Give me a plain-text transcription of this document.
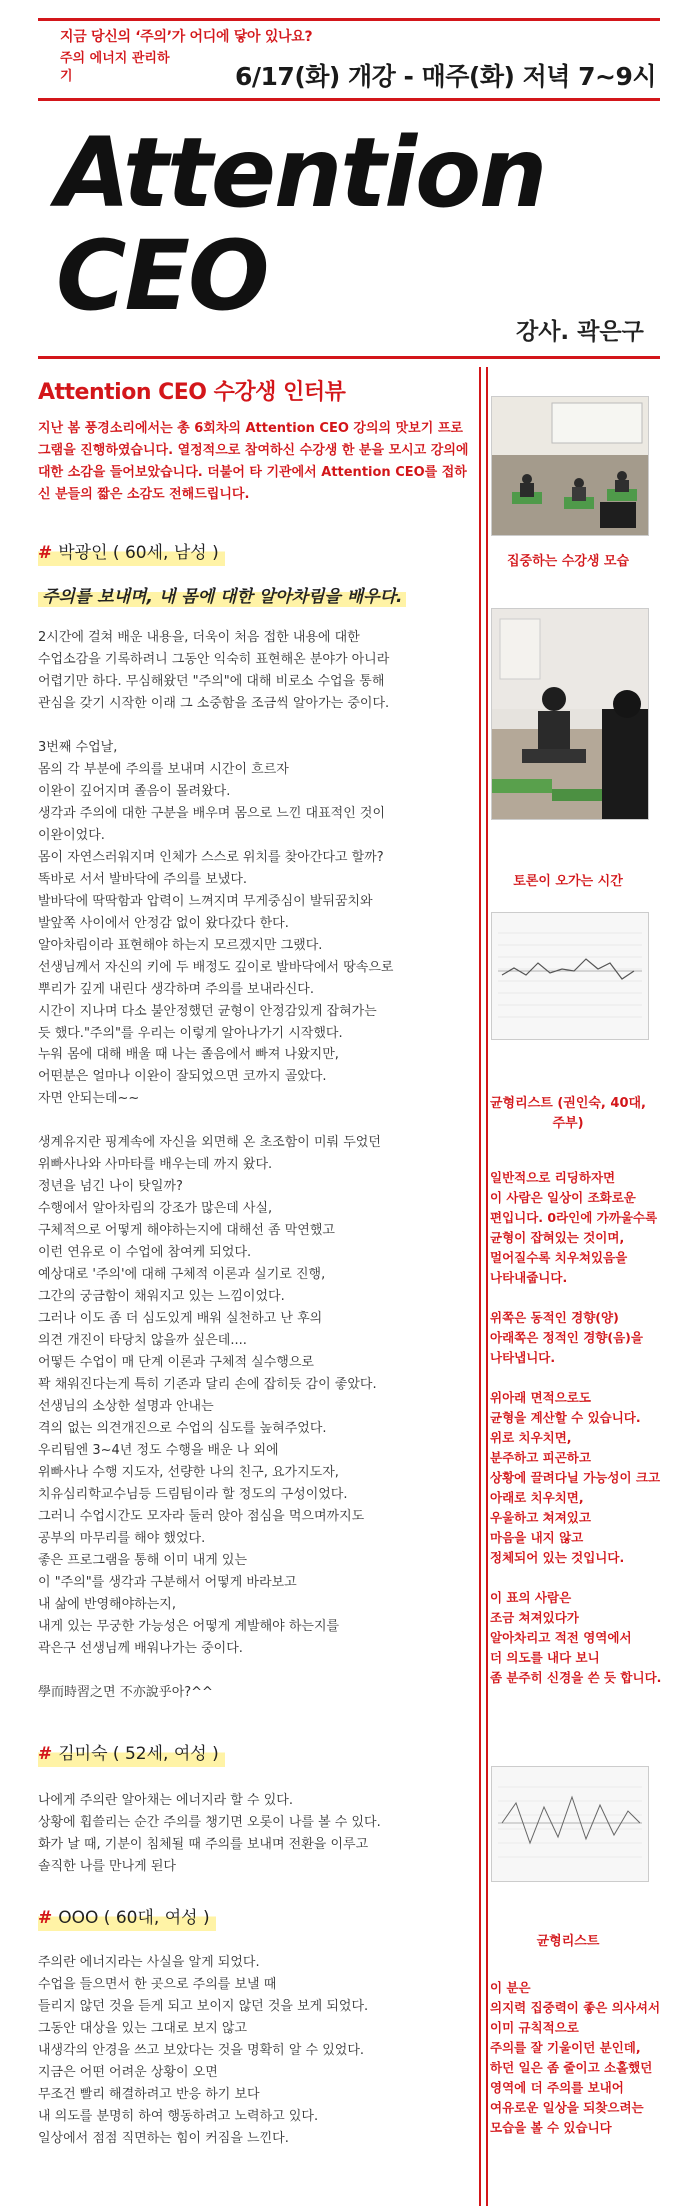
지금 당신의 ‘주의’가 어디에 닿아 있나요?
주의 에너지 관리하기	6/17(화) 개강 - 매주(화) 저녁 7~9시
Attention
CEO	강사. 곽은구
Attention CEO 수강생 인터뷰
지난 봄 풍경소리에서는 총 6회차의 Attention CEO 강의의 맛보기 프로그램을 진행하였습니다. 열정적으로 참여하신 수강생 한 분을 모시고 강의에 대한 소감을 들어보았습니다. 더불어 타 기관에서 Attention CEO를 접하신 분들의 짧은 소감도 전해드립니다.
# 박광인 ( 60세, 남성 )
주의를 보내며, 내 몸에 대한 알아차림을 배우다.
2시간에 걸쳐 배운 내용을, 더욱이 처음 접한 내용에 대한
수업소감을 기록하려니 그동안 익숙히 표현해온 분야가 아니라
어렵기만 하다. 무심해왔던 "주의"에 대해 비로소 수업을 통해
관심을 갖기 시작한 이래 그 소중함을 조금씩 알아가는 중이다.
3번째 수업날,
몸의 각 부분에 주의를 보내며 시간이 흐르자
이완이 깊어지며 졸음이 몰려왔다.
생각과 주의에 대한 구분을 배우며 몸으로 느낀 대표적인 것이
이완이었다.
몸이 자연스러워지며 인체가 스스로 위치를 찾아간다고 할까?
똑바로 서서 발바닥에 주의를 보냈다.
발바닥에 딱딱함과 압력이 느껴지며 무게중심이 발뒤꿈치와
발앞쪽 사이에서 안정감 없이 왔다갔다 한다.
알아차림이라 표현해야 하는지 모르겠지만 그랬다.
선생님께서 자신의 키에 두 배정도 깊이로 발바닥에서 땅속으로
뿌리가 깊게 내린다 생각하며 주의를 보내라신다.
시간이 지나며 다소 불안정했던 균형이 안정감있게 잡혀가는
듯 했다."주의"를 우리는 이렇게 알아나가기 시작했다.
누워 몸에 대해 배울 때 나는 졸음에서 빠져 나왔지만,
어떤분은 얼마나 이완이 잘되었으면 코까지 골았다.
자면 안되는데~~
생계유지란 핑계속에 자신을 외면해 온 초조함이 미뤄 두었던
위빠사나와 사마타를 배우는데 까지 왔다.
정년을 넘긴 나이 탓일까?
수행에서 알아차림의 강조가 많은데 사실,
구체적으로 어떻게 해야하는지에 대해선 좀 막연했고
이런 연유로 이 수업에 참여케 되었다.
예상대로 '주의'에 대해 구체적 이론과 실기로 진행,
그간의 궁금함이 채워지고 있는 느낌이었다.
그러나 이도 좀 더 심도있게 배워 실천하고 난 후의
의견 개진이 타당치 않을까 싶은데....
어떻든 수업이 매 단계 이론과 구체적 실수행으로
꽉 채워진다는게 특히 기존과 달리 손에 잡히듯 감이 좋았다.
선생님의 소상한 설명과 안내는
격의 없는 의견개진으로 수업의 심도를 높혀주었다.
우리팀엔 3~4년 정도 수행을 배운 나 외에
위빠사나 수행 지도자, 선량한 나의 친구, 요가지도자,
치유심리학교수님등 드림팀이라 할 정도의 구성이었다.
그러니 수업시간도 모자라 둘러 앉아 점심을 먹으며까지도
공부의 마무리를 해야 했었다.
좋은 프로그램을 통해 이미 내게 있는
이 "주의"를 생각과 구분해서 어떻게 바라보고
내 삶에 반영해야하는지,
내게 있는 무궁한 가능성은 어떻게 계발해야 하는지를
곽은구 선생님께 배워나가는 중이다.
學而時習之면 不亦說乎아?^^
# 김미숙 ( 52세, 여성 )
나에게 주의란 알아채는 에너지라 할 수 있다.
상황에 휩쓸리는 순간 주의를 챙기면 오롯이 나를 볼 수 있다.
화가 날 때, 기분이 침체될 때 주의를 보내며 전환을 이루고
솔직한 나를 만나게 된다
# OOO ( 60대, 여성 )
주의란 에너지라는 사실을 알게 되었다.
수업을 들으면서 한 곳으로 주의를 보낼 때
들리지 않던 것을 듣게 되고 보이지 않던 것을 보게 되었다.
그동안 대상을 있는 그대로 보지 않고
내생각의 안경을 쓰고 보았다는 것을 명확히 알 수 있었다.
지금은 어떤 어려운 상황이 오면
무조건 빨리 해결하려고 반응 하기 보다
내 의도를 분명히 하여 행동하려고 노력하고 있다.
일상에서 점점 직면하는 힘이 커짐을 느낀다.
집중하는 수강생 모습
토론이 오가는 시간
균형리스트 (권인숙, 40대, 주부)
일반적으로 리딩하자면
이 사람은 일상이 조화로운
편입니다. 0라인에 가까울수록
균형이 잡혀있는 것이며,
멀어질수록 치우쳐있음을
나타내줍니다.

위쪽은 동적인 경향(양)
아래쪽은 정적인 경향(음)을
나타냅니다.

위아래 면적으로도
균형을 계산할 수 있습니다.
위로 치우치면,
분주하고 피곤하고
상황에 끌려다닐 가능성이 크고
아래로 치우치면,
우울하고 쳐져있고
마음을 내지 않고
정체되어 있는 것입니다.

이 표의 사람은
조금 쳐져있다가
알아차리고 적전 영역에서
더 의도를 내다 보니
좀 분주히 신경을 쓴 듯 합니다.
균형리스트
이 분은
의지력 집중력이 좋은 의사셔서
이미 규칙적으로
주의를 잘 기울이던 분인데,
하던 일은 좀 줄이고 소홀했던
영역에 더 주의를 보내어
여유로운 일상을 되찾으려는
모습을 볼 수 있습니다
